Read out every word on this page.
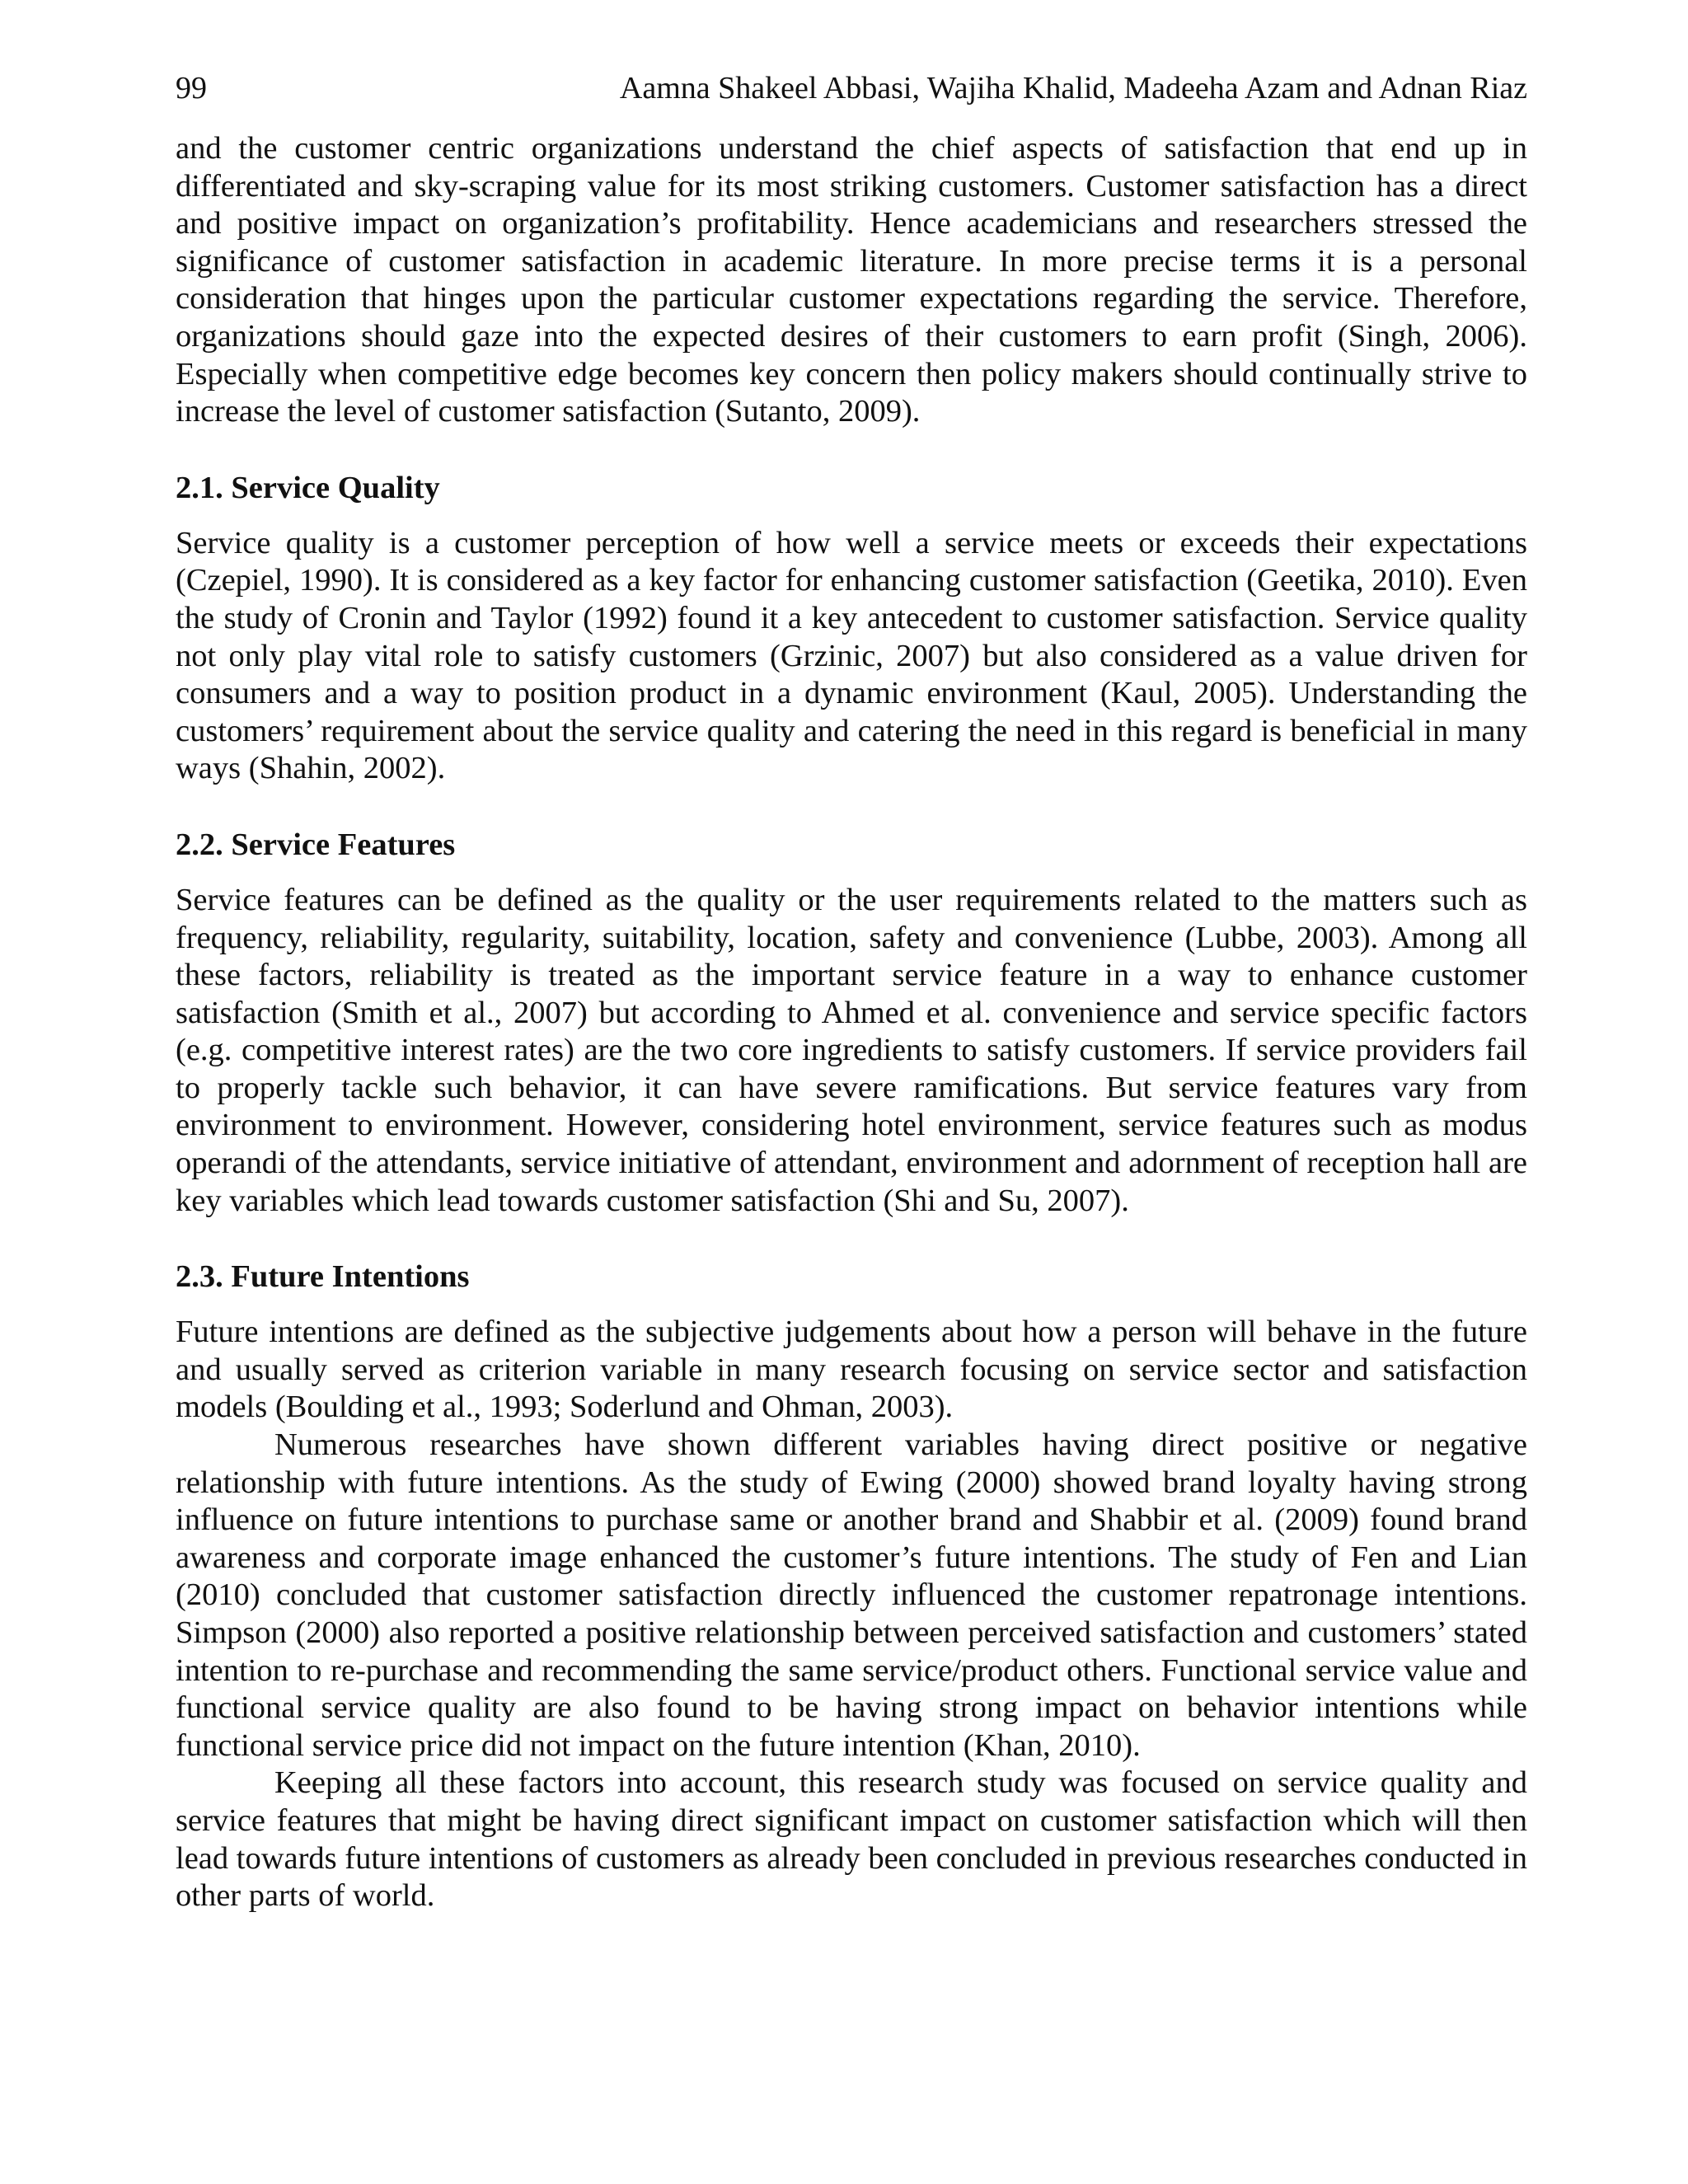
99	Aamna Shakeel Abbasi, Wajiha Khalid, Madeeha Azam and Adnan Riaz

and the customer centric organizations understand the chief aspects of satisfaction that end up in differentiated and sky-scraping value for its most striking customers. Customer satisfaction has a direct and positive impact on organization’s profitability. Hence academicians and researchers stressed the significance of customer satisfaction in academic literature. In more precise terms it is a personal consideration that hinges upon the particular customer expectations regarding the service. Therefore, organizations should gaze into the expected desires of their customers to earn profit (Singh, 2006). Especially when competitive edge becomes key concern then policy makers should continually strive to increase the level of customer satisfaction (Sutanto, 2009).

2.1. Service Quality

Service quality is a customer perception of how well a service meets or exceeds their expectations (Czepiel, 1990). It is considered as a key factor for enhancing customer satisfaction (Geetika, 2010). Even the study of Cronin and Taylor (1992) found it a key antecedent to customer satisfaction. Service quality not only play vital role to satisfy customers (Grzinic, 2007) but also considered as a value driven for consumers and a way to position product in a dynamic environment (Kaul, 2005). Understanding the customers’ requirement about the service quality and catering the need in this regard is beneficial in many ways (Shahin, 2002).

2.2. Service Features

Service features can be defined as the quality or the user requirements related to the matters such as frequency, reliability, regularity, suitability, location, safety and convenience (Lubbe, 2003). Among all these factors, reliability is treated as the important service feature in a way to enhance customer satisfaction (Smith et al., 2007) but according to Ahmed et al. convenience and service specific factors (e.g. competitive interest rates) are the two core ingredients to satisfy customers. If service providers fail to properly tackle such behavior, it can have severe ramifications. But service features vary from environment to environment. However, considering hotel environment, service features such as modus operandi of the attendants, service initiative of attendant, environment and adornment of reception hall are key variables which lead towards customer satisfaction (Shi and Su, 2007).

2.3. Future Intentions

Future intentions are defined as the subjective judgements about how a person will behave in the future and usually served as criterion variable in many research focusing on service sector and satisfaction models (Boulding et al., 1993; Soderlund and Ohman, 2003).

Numerous researches have shown different variables having direct positive or negative relationship with future intentions. As the study of Ewing (2000) showed brand loyalty having strong influence on future intentions to purchase same or another brand and Shabbir et al. (2009) found brand awareness and corporate image enhanced the customer’s future intentions. The study of Fen and Lian (2010) concluded that customer satisfaction directly influenced the customer repatronage intentions. Simpson (2000) also reported a positive relationship between perceived satisfaction and customers’ stated intention to re-purchase and recommending the same service/product others. Functional service value and functional service quality are also found to be having strong impact on behavior intentions while functional service price did not impact on the future intention (Khan, 2010).

Keeping all these factors into account, this research study was focused on service quality and service features that might be having direct significant impact on customer satisfaction which will then lead towards future intentions of customers as already been concluded in previous researches conducted in other parts of world.
